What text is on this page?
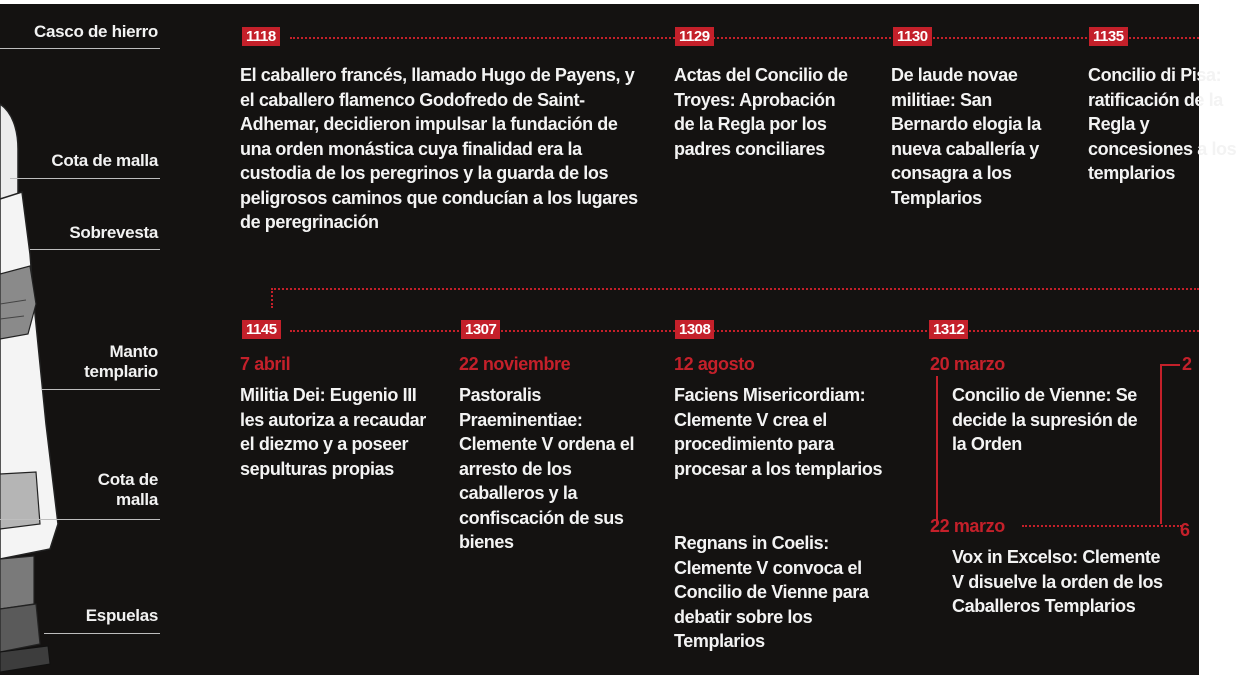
Casco de hierro
Cota de malla
Sobrevesta
Manto templario
Cota de malla
Espuelas
1118
El caballero francés, llamado Hugo de Payens, y el caballero flamenco Godofredo de Saint-Adhemar, decidieron impulsar la fundación de una orden monástica cuya finalidad era la custodia de los peregrinos y la guarda de los peligrosos caminos que conducían a los lugares de peregrinación
1129
Actas del Concilio de Troyes: Aprobación de la Regla por los padres conciliares
1130
De laude novae militiae: San Bernardo elogia la nueva caballería y consagra a los Templarios
1135
Concilio di Pisa: ratificación de la Regla y concesiones a los templarios
1145
7 abril
Militia Dei: Eugenio III les autoriza a recaudar el diezmo y a poseer sepulturas propias
1307
22 noviembre
Pastoralis Praeminentiae: Clemente V ordena el arresto de los caballeros y la confiscación de sus bienes
1308
12 agosto
Faciens Misericordiam: Clemente V crea el procedimiento para procesar a los templarios
Regnans in Coelis: Clemente V convoca el Concilio de Vienne para debatir sobre los Templarios
1312
20 marzo
Concilio de Vienne: Se decide la supresión de la Orden
22 marzo
Vox in Excelso: Clemente V disuelve la orden de los Caballeros Templarios
2
6
